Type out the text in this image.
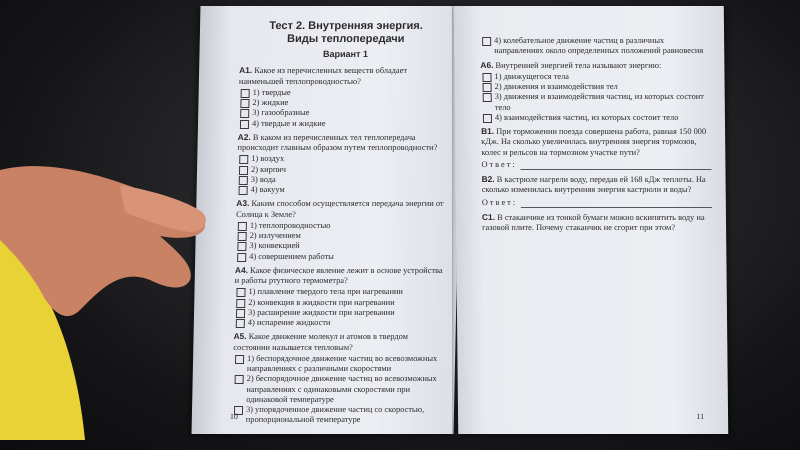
Тест 2. Внутренняя энергия.
Виды теплопередачи

Вариант 1
A1. Какое из перечисленных веществ обладает наименьшей теплопроводностью?
1) твердые
2) жидкие
3) газообразные
4) твердые и жидкие
A2. В каком из перечисленных тел теплопередача происходит главным образом путем теплопроводности?
1) воздух
2) кирпич
3) вода
4) вакуум
A3. Каким способом осуществляется передача энергии от Солнца к Земле?
1) теплопроводностью
2) излучением
3) конвекцией
4) совершением работы
A4. Какое физическое явление лежит в основе устройства и работы ртутного термометра?
1) плавление твердого тела при нагревании
2) конвекция в жидкости при нагревании
3) расширение жидкости при нагревании
4) испарение жидкости
A5. Какое движение молекул и атомов в твердом состоянии называется тепловым?
1) беспорядочное движение частиц во всевозможных направлениях с различными скоростями
2) беспорядочное движение частиц во всевозможных направлениях с одинаковыми скоростями при одинаковой температуре
3) упорядоченное движение частиц со скоростью, пропорциональной температуре
10
4) колебательное движение частиц в различных направлениях около определенных положений равновесия
A6. Внутренней энергией тела называют энергию:
1) движущегося тела
2) движения и взаимодействия тел
3) движения и взаимодействия частиц, из которых состоит тело
4) взаимодействия частиц, из которых состоит тело
B1. При торможении поезда совершена работа, равная 150 000 кДж. На сколько увеличилась внутренняя энергия тормозов, колес и рельсов на тормозном участке пути?
Ответ:
B2. В кастрюле нагрели воду, передав ей 168 кДж теплоты. На сколько изменилась внутренняя энергия кастрюли и воды?
Ответ:
C1. В стаканчике из тонкой бумаги можно вскипятить воду на газовой плите. Почему стаканчик не сгорит при этом?
11
